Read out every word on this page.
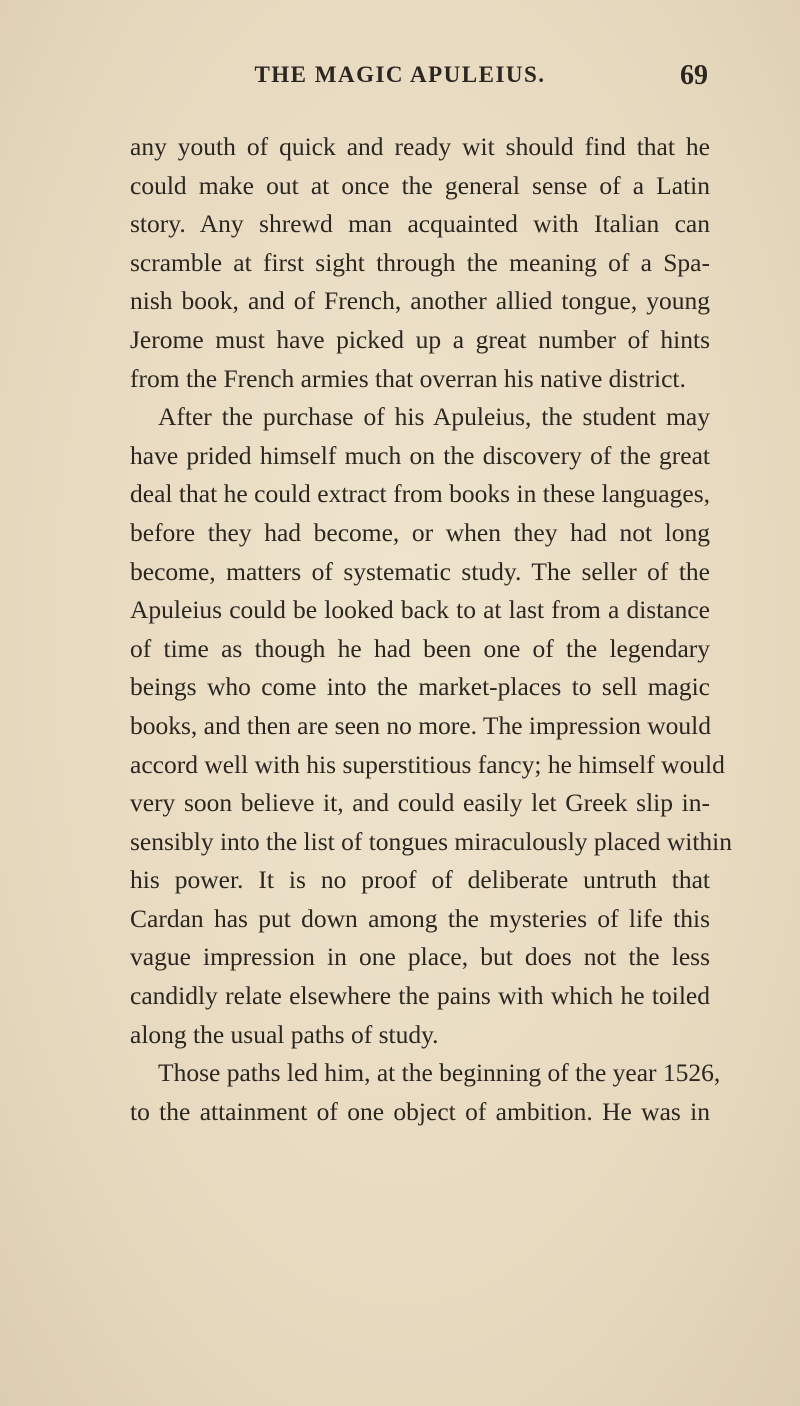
THE MAGIC APULEIUS.	69
any youth of quick and ready wit should find that he
could make out at once the general sense of a Latin
story. Any shrewd man acquainted with Italian can
scramble at first sight through the meaning of a Spa-
nish book, and of French, another allied tongue, young
Jerome must have picked up a great number of hints
from the French armies that overran his native district.
After the purchase of his Apuleius, the student may
have prided himself much on the discovery of the great
deal that he could extract from books in these languages,
before they had become, or when they had not long
become, matters of systematic study. The seller of the
Apuleius could be looked back to at last from a distance
of time as though he had been one of the legendary
beings who come into the market-places to sell magic
books, and then are seen no more. The impression would
accord well with his superstitious fancy; he himself would
very soon believe it, and could easily let Greek slip in-
sensibly into the list of tongues miraculously placed within
his power. It is no proof of deliberate untruth that
Cardan has put down among the mysteries of life this
vague impression in one place, but does not the less
candidly relate elsewhere the pains with which he toiled
along the usual paths of study.
Those paths led him, at the beginning of the year 1526,
to the attainment of one object of ambition. He was in
